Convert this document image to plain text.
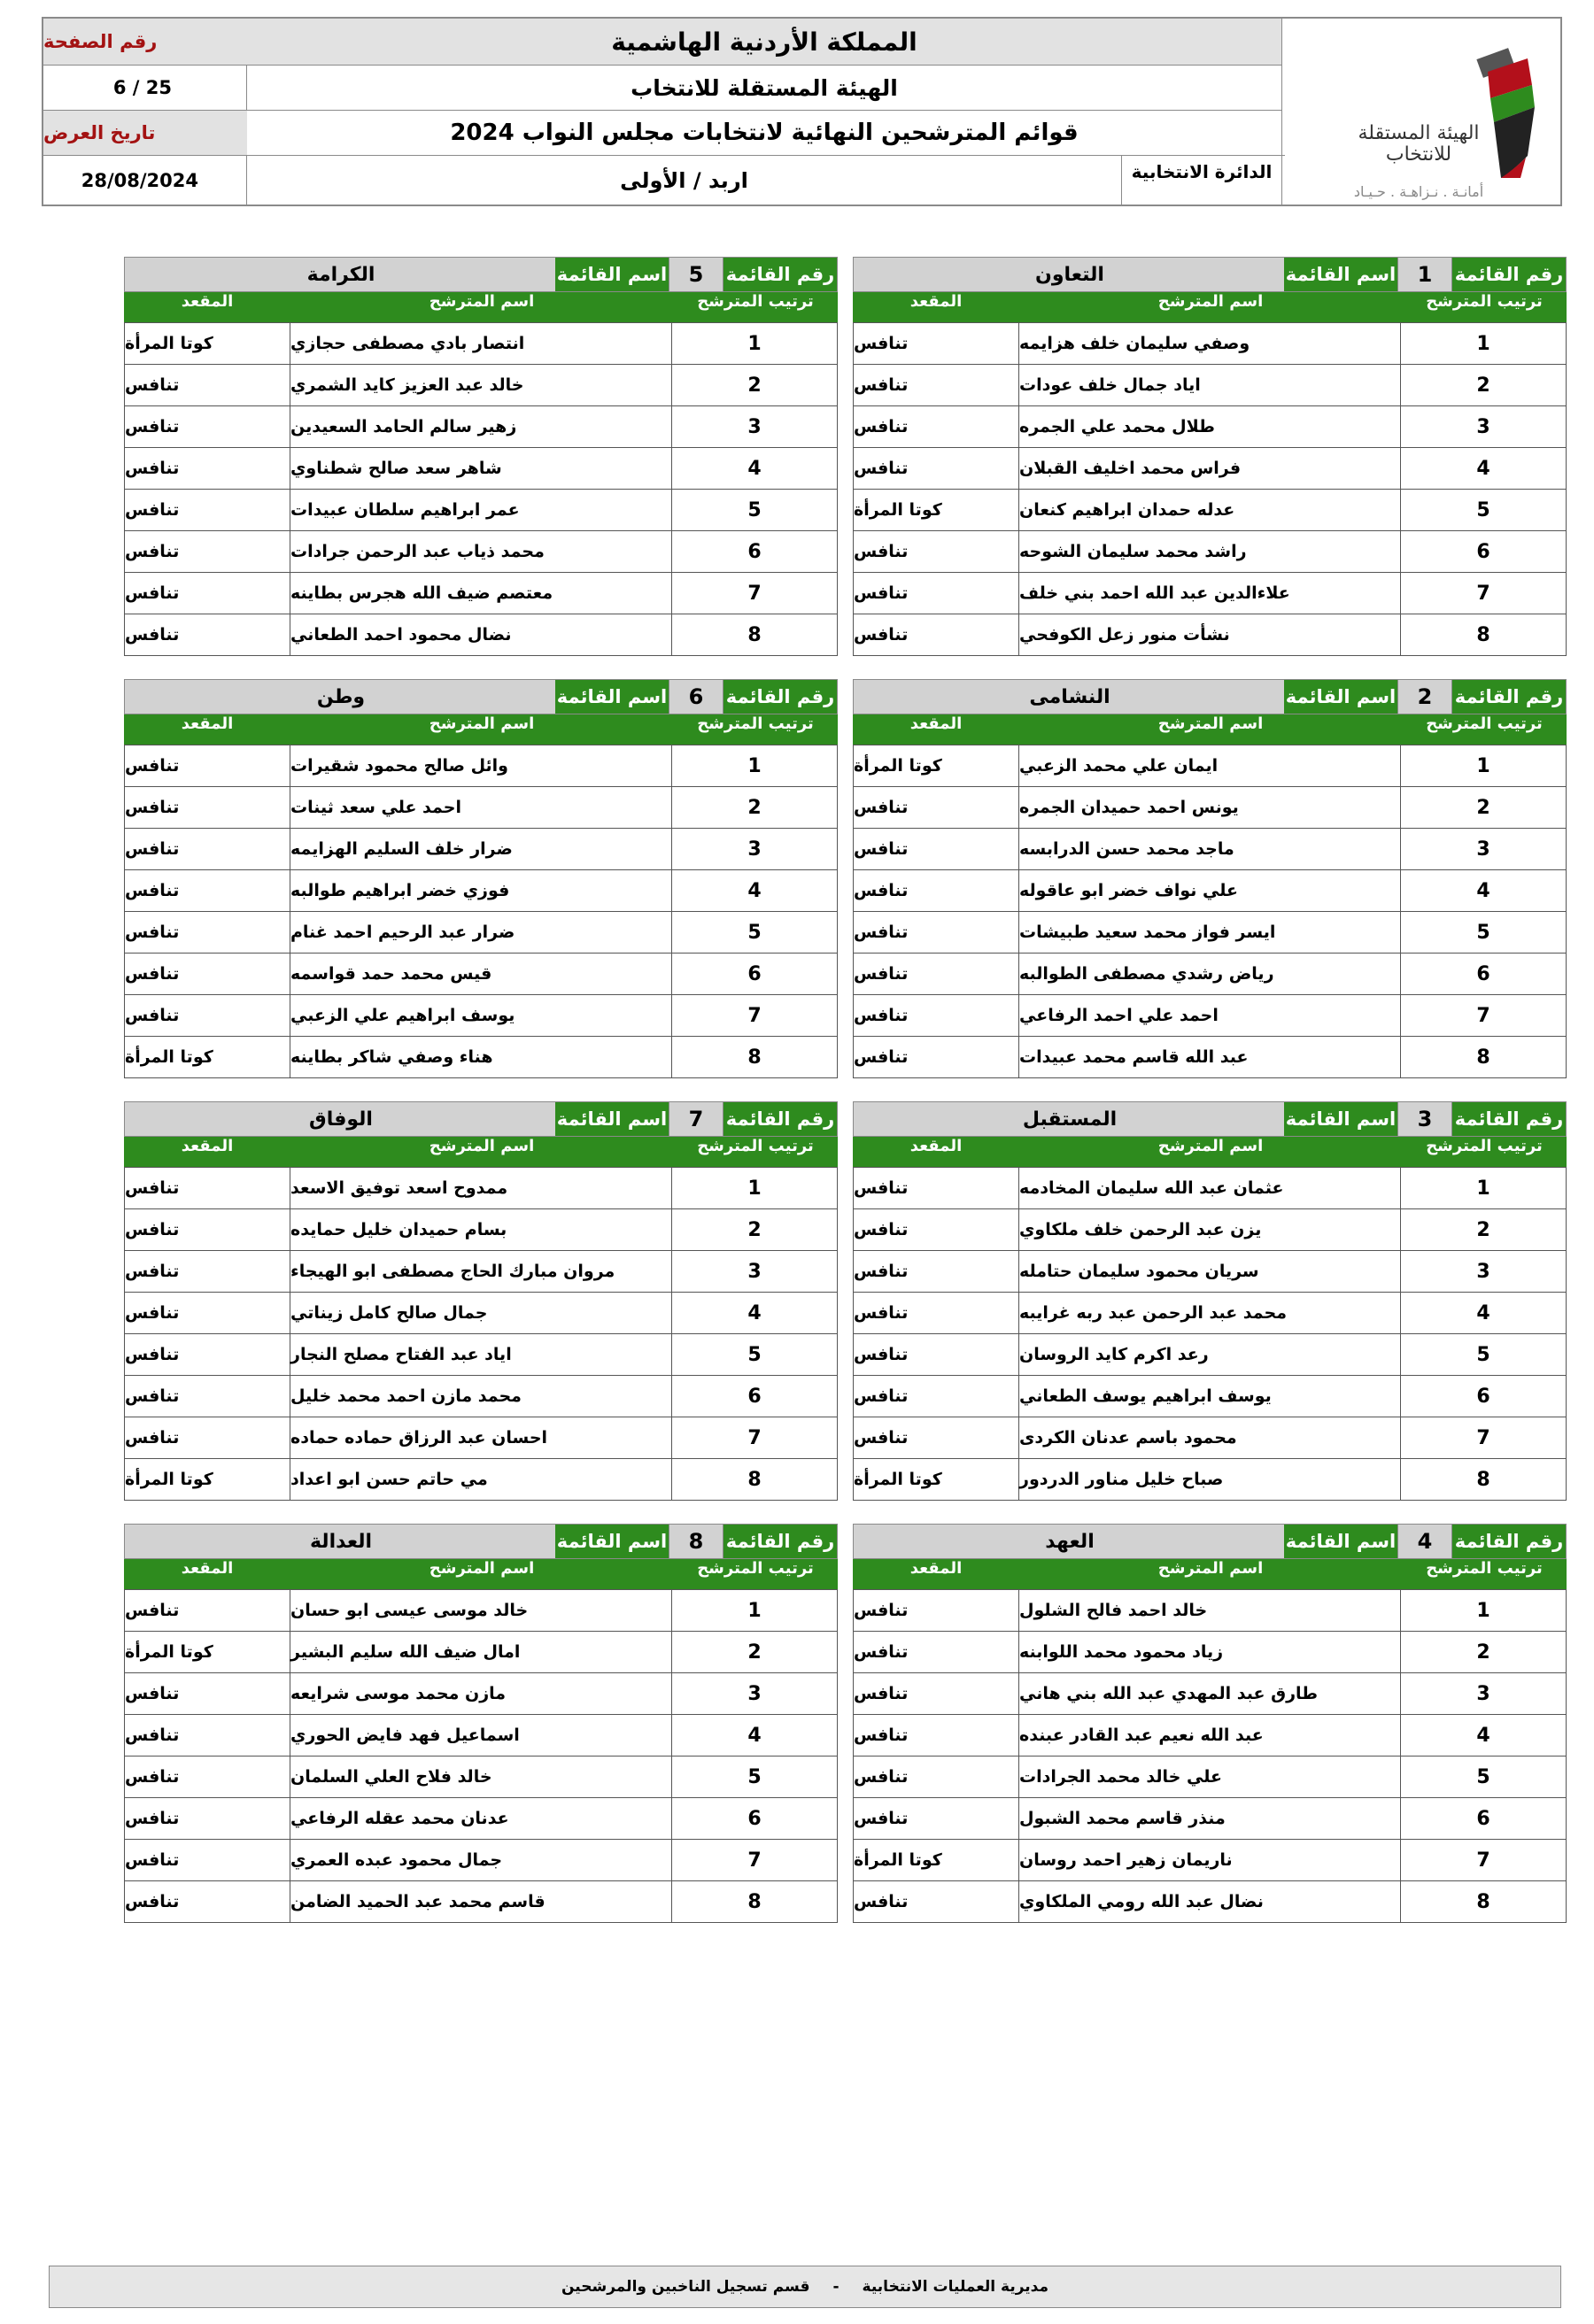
الهيئة المستقلة للانتخاب
أمانـة . نـزاهـة . حـيـاد
المملكة الأردنية الهاشمية
الهيئة المستقلة للانتخاب
قوائم المترشحين النهائية لانتخابات مجلس النواب 2024
الدائرة الانتخابية
اربد / الأولى
رقم الصفحة
6 / 25
تاريخ العرض
28/08/2024
رقم القائمة
1
اسم القائمة
التعاون
ترتيب المترشح
اسم المترشح
المقعد
1
وصفي سليمان خلف هزايمه
تنافس
2
اياد جمال خلف عودات
تنافس
3
طلال محمد علي الجمره
تنافس
4
فراس محمد اخليف القبلان
تنافس
5
عدله حمدان ابراهيم كنعان
كوتا المرأة
6
راشد محمد سليمان الشوحه
تنافس
7
علاءالدين عبد الله احمد بني خلف
تنافس
8
نشأت منور زعل الكوفحي
تنافس
رقم القائمة
5
اسم القائمة
الكرامة
ترتيب المترشح
اسم المترشح
المقعد
1
انتصار بادي مصطفى حجازي
كوتا المرأة
2
خالد عبد العزيز كايد الشمري
تنافس
3
زهير سالم الحامد السعيدين
تنافس
4
شاهر سعد صالح شطناوي
تنافس
5
عمر ابراهيم سلطان عبيدات
تنافس
6
محمد ذياب عبد الرحمن جرادات
تنافس
7
معتصم ضيف الله هجرس بطاينه
تنافس
8
نضال محمود احمد الطعاني
تنافس
رقم القائمة
2
اسم القائمة
النشامى
ترتيب المترشح
اسم المترشح
المقعد
1
ايمان علي محمد الزعبي
كوتا المرأة
2
يونس احمد حميدان الجمره
تنافس
3
ماجد محمد حسن الدرابسه
تنافس
4
علي نواف خضر ابو عاقوله
تنافس
5
ايسر فواز محمد سعيد طبيشات
تنافس
6
رياض رشدي مصطفى الطوالبه
تنافس
7
احمد علي احمد الرفاعي
تنافس
8
عبد الله قاسم محمد عبيدات
تنافس
رقم القائمة
6
اسم القائمة
وطن
ترتيب المترشح
اسم المترشح
المقعد
1
وائل صالح محمود شقيرات
تنافس
2
احمد علي سعد ثينات
تنافس
3
ضرار خلف السليم الهزايمه
تنافس
4
فوزي خضر ابراهيم طوالبه
تنافس
5
ضرار عبد الرحيم احمد غنام
تنافس
6
قيس محمد حمد قواسمه
تنافس
7
يوسف ابراهيم علي الزعبي
تنافس
8
هناء وصفي شاكر بطاينه
كوتا المرأة
رقم القائمة
3
اسم القائمة
المستقبل
ترتيب المترشح
اسم المترشح
المقعد
1
عثمان عبد الله سليمان المخادمه
تنافس
2
يزن عبد الرحمن خلف ملكاوي
تنافس
3
سريان محمود سليمان حتامله
تنافس
4
محمد عبد الرحمن عبد ربه غرايبه
تنافس
5
رعد اكرم كايد الروسان
تنافس
6
يوسف ابراهيم يوسف الطعاني
تنافس
7
محمود باسم عدنان الكردى
تنافس
8
صباح خليل مناور الدردور
كوتا المرأة
رقم القائمة
7
اسم القائمة
الوفاق
ترتيب المترشح
اسم المترشح
المقعد
1
ممدوح اسعد توفيق الاسعد
تنافس
2
بسام حميدان خليل حمايده
تنافس
3
مروان مبارك الحاج مصطفى ابو الهيجاء
تنافس
4
جمال صالح كامل زيناتي
تنافس
5
اياد عبد الفتاح مصلح النجار
تنافس
6
محمد مازن احمد محمد خليل
تنافس
7
احسان عبد الرزاق حماده حماده
تنافس
8
مي حاتم حسن ابو اعداد
كوتا المرأة
رقم القائمة
4
اسم القائمة
العهد
ترتيب المترشح
اسم المترشح
المقعد
1
خالد احمد فالح الشلول
تنافس
2
زياد محمود محمد اللوابنه
تنافس
3
طارق عبد المهدي عبد الله بني هاني
تنافس
4
عبد الله نعيم عبد القادر عبنده
تنافس
5
علي خالد محمد الجرادات
تنافس
6
منذر قاسم محمد الشبول
تنافس
7
ناريمان زهير احمد روسان
كوتا المرأة
8
نضال عبد الله رومي الملكاوي
تنافس
رقم القائمة
8
اسم القائمة
العدالة
ترتيب المترشح
اسم المترشح
المقعد
1
خالد موسى عيسى ابو حسان
تنافس
2
امال ضيف الله سليم البشير
كوتا المرأة
3
مازن محمد موسى شرايعه
تنافس
4
اسماعيل فهد فايض الحوري
تنافس
5
خالد فلاح العلي السلمان
تنافس
6
عدنان محمد عقله الرفاعي
تنافس
7
جمال محمود عبده العمري
تنافس
8
قاسم محمد عبد الحميد الضامن
تنافس
مديرية العمليات الانتخابية
-
قسم تسجيل الناخبين والمرشحين
